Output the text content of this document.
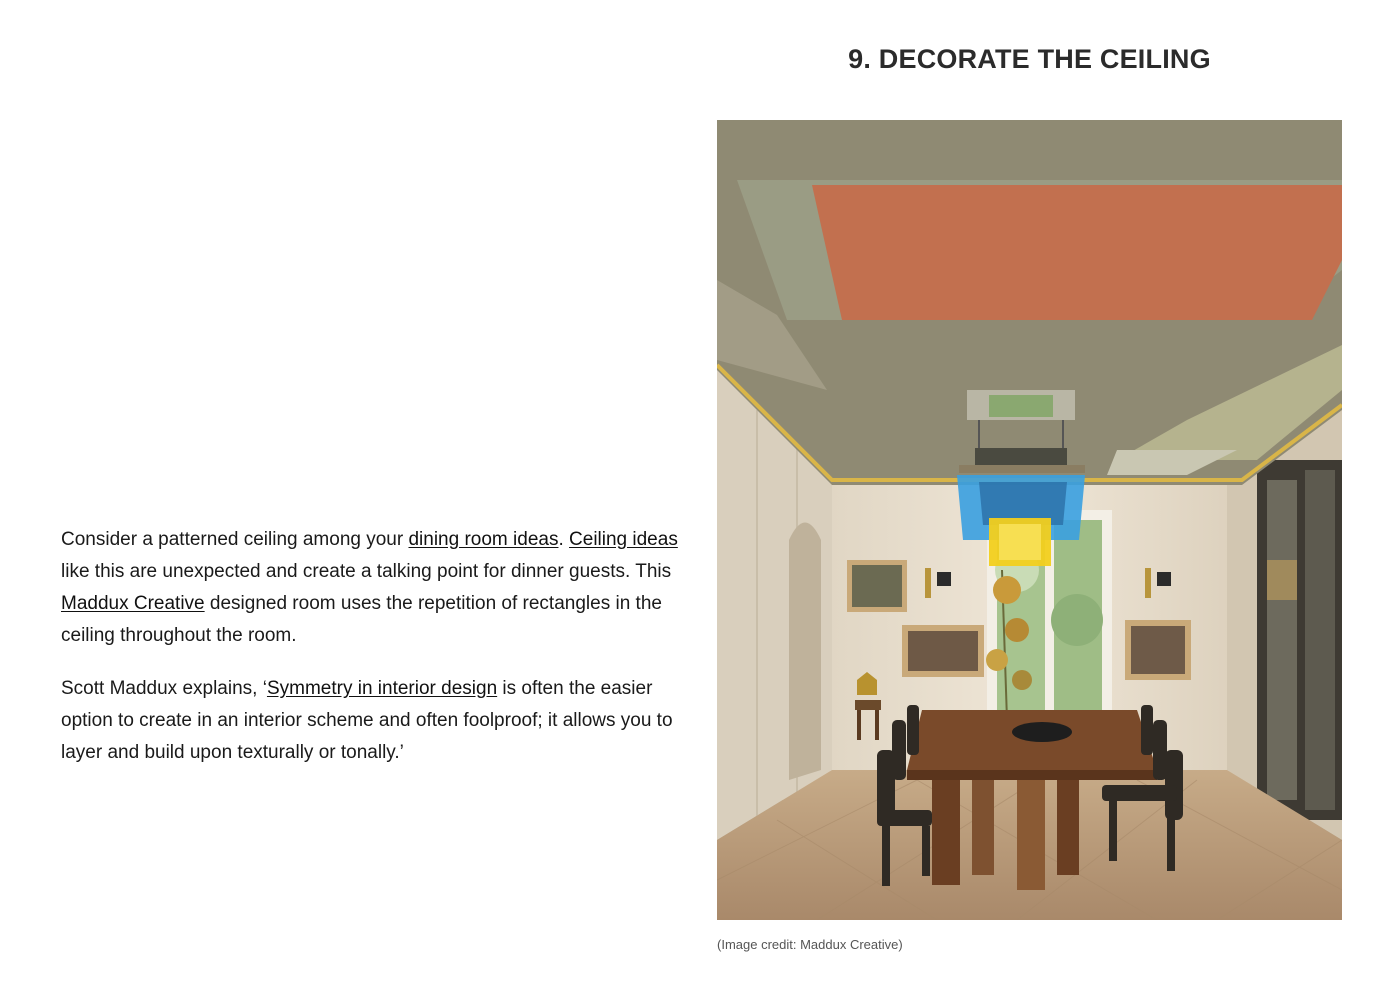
9. DECORATE THE CEILING

Consider a patterned ceiling among your dining room ideas. Ceiling ideas like this are unexpected and create a talking point for dinner guests. This Maddux Creative designed room uses the repetition of rectangles in the ceiling throughout the room.

Scott Maddux explains, ‘Symmetry in interior design is often the easier option to create in an interior scheme and often foolproof; it allows you to layer and build upon texturally or tonally.’

(Image credit: Maddux Creative)
